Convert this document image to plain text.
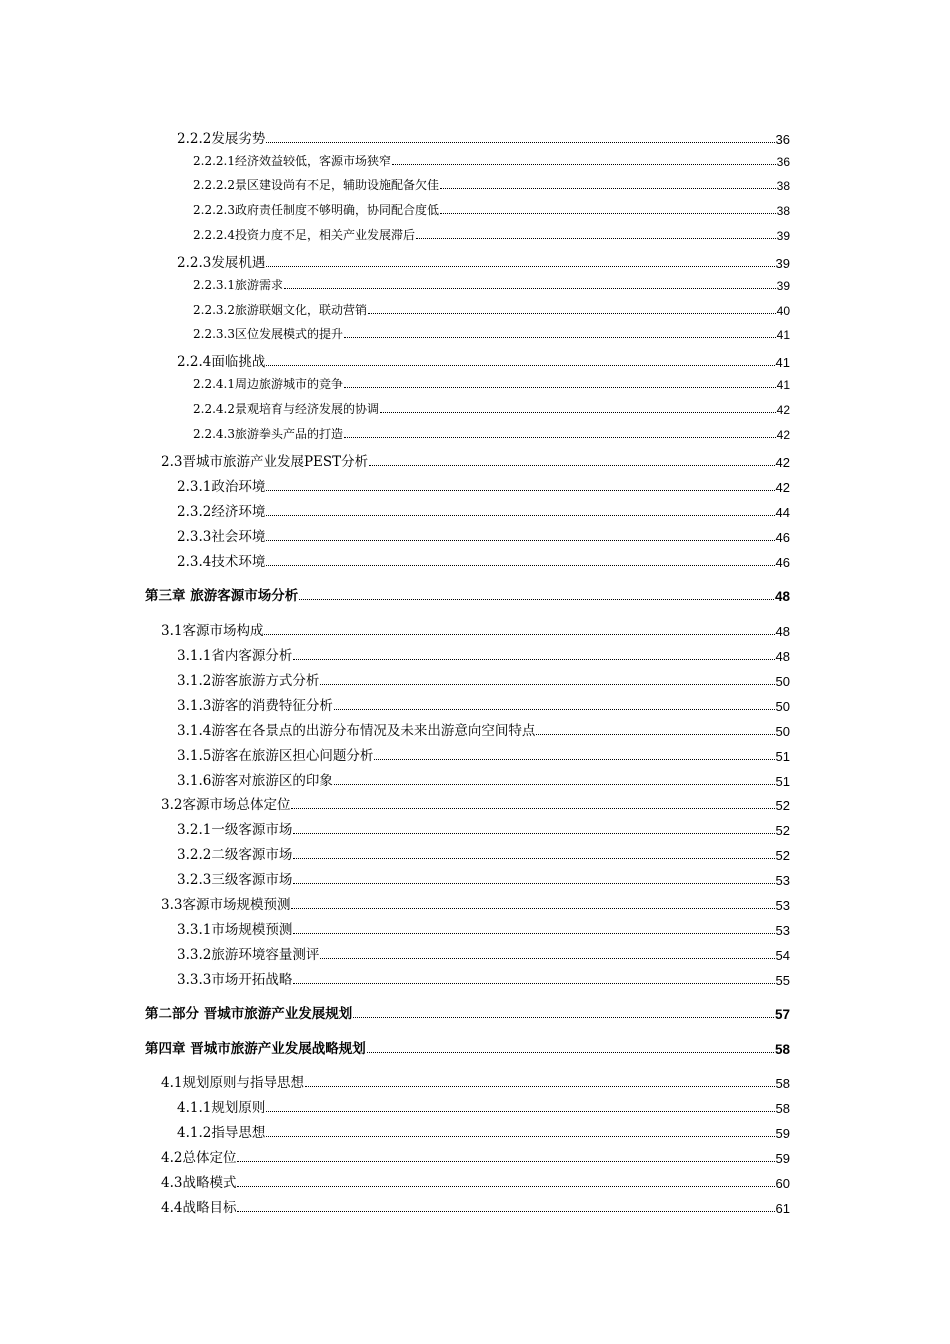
2.2.2发展劣势	36
2.2.2.1经济效益较低，客源市场狭窄	36
2.2.2.2景区建设尚有不足，辅助设施配备欠佳	38
2.2.2.3政府责任制度不够明确，协同配合度低	38
2.2.2.4投资力度不足，相关产业发展滞后	39
2.2.3发展机遇	39
2.2.3.1旅游需求	39
2.2.3.2旅游联姻文化，联动营销	40
2.2.3.3区位发展模式的提升	41
2.2.4面临挑战	41
2.2.4.1周边旅游城市的竞争	41
2.2.4.2景观培育与经济发展的协调	42
2.2.4.3旅游拳头产品的打造	42
2.3晋城市旅游产业发展PEST分析	42
2.3.1政治环境	42
2.3.2经济环境	44
2.3.3社会环境	46
2.3.4技术环境	46
第三章 旅游客源市场分析	48
3.1客源市场构成	48
3.1.1省内客源分析	48
3.1.2游客旅游方式分析	50
3.1.3游客的消费特征分析	50
3.1.4游客在各景点的出游分布情况及未来出游意向空间特点	50
3.1.5游客在旅游区担心问题分析	51
3.1.6游客对旅游区的印象	51
3.2客源市场总体定位	52
3.2.1一级客源市场	52
3.2.2二级客源市场	52
3.2.3三级客源市场	53
3.3客源市场规模预测	53
3.3.1市场规模预测	53
3.3.2旅游环境容量测评	54
3.3.3市场开拓战略	55
第二部分 晋城市旅游产业发展规划	57
第四章 晋城市旅游产业发展战略规划	58
4.1规划原则与指导思想	58
4.1.1规划原则	58
4.1.2指导思想	59
4.2总体定位	59
4.3战略模式	60
4.4战略目标	61
